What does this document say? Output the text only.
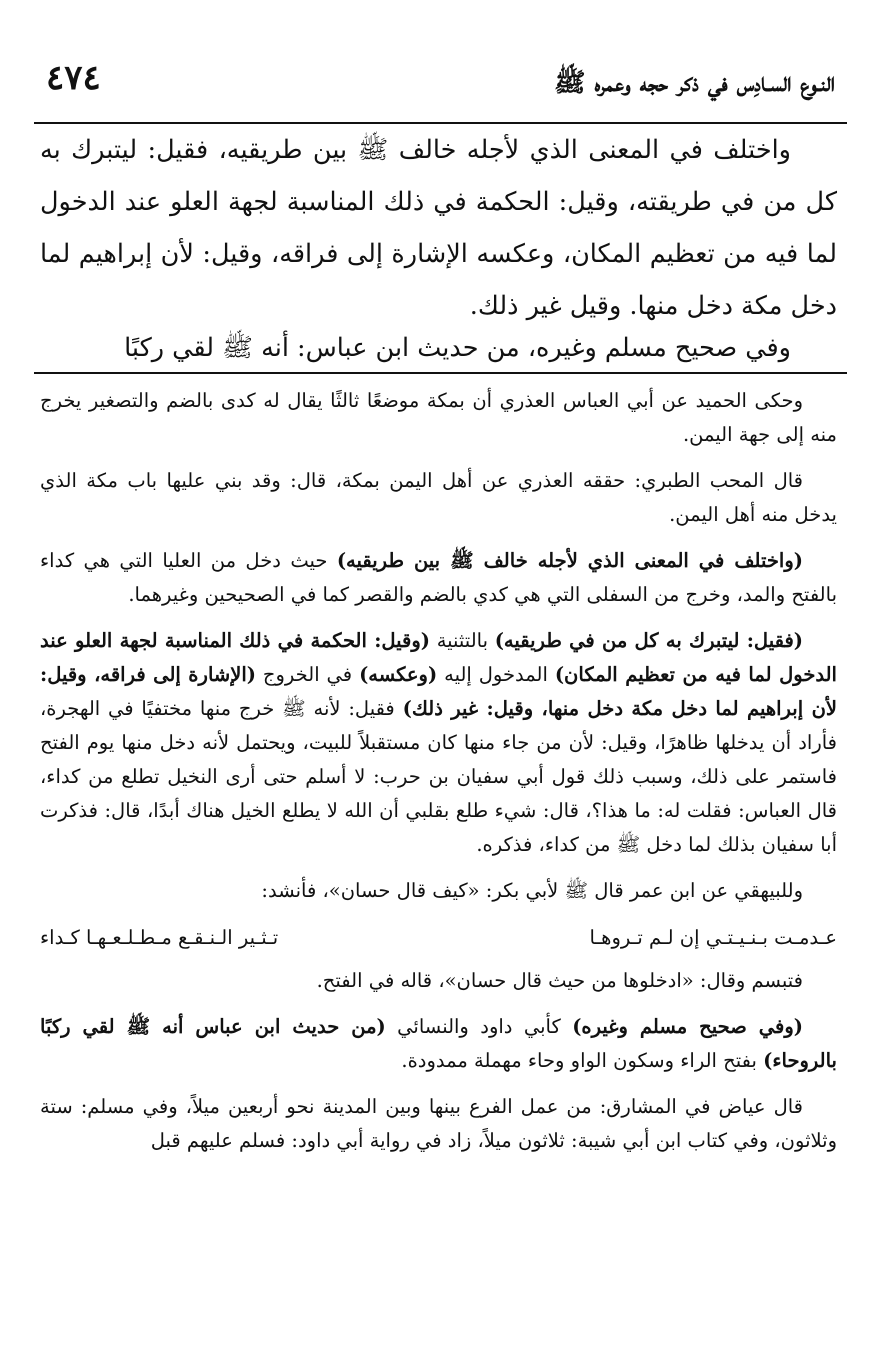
النـوع السـادِس في ذكر حجه وعمره ﷺ
٤٧٤

واختلف في المعنى الذي لأجله خالف ﷺ بين طريقيه، فقيل: ليتبرك به كل من في طريقته، وقيل: الحكمة في ذلك المناسبة لجهة العلو عند الدخول لما فيه من تعظيم المكان، وعكسه الإشارة إلى فراقه، وقيل: لأن إبراهيم لما دخل مكة دخل منها. وقيل غير ذلك.

وفي صحيح مسلم وغيره، من حديث ابن عباس: أنه ﷺ لقي ركبًا

وحكى الحميد عن أبي العباس العذري أن بمكة موضعًا ثالثًا يقال له كدى بالضم والتصغير يخرج منه إلى جهة اليمن.

قال المحب الطبري: حققه العذري عن أهل اليمن بمكة، قال: وقد بني عليها باب مكة الذي يدخل منه أهل اليمن.

(واختلف في المعنى الذي لأجله خالف ﷺ بين طريقيه) حيث دخل من العليا التي هي كداء بالفتح والمد، وخرج من السفلى التي هي كدي بالضم والقصر كما في الصحيحين وغيرهما.

(فقيل: ليتبرك به كل من في طريقيه) بالتثنية (وقيل: الحكمة في ذلك المناسبة لجهة العلو عند الدخول لما فيه من تعظيم المكان) المدخول إليه (وعكسه) في الخروج (الإشارة إلى فراقه، وقيل: لأن إبراهيم لما دخل مكة دخل منها، وقيل: غير ذلك) فقيل: لأنه ﷺ خرج منها مختفيًا في الهجرة، فأراد أن يدخلها ظاهرًا، وقيل: لأن من جاء منها كان مستقبلاً للبيت، ويحتمل لأنه دخل منها يوم الفتح فاستمر على ذلك، وسبب ذلك قول أبي سفيان بن حرب: لا أسلم حتى أرى النخيل تطلع من كداء، قال العباس: فقلت له: ما هذا؟، قال: شيء طلع بقلبي أن الله لا يطلع الخيل هناك أبدًا، قال: فذكرت أبا سفيان بذلك لما دخل ﷺ من كداء، فذكره.

وللبيهقي عن ابن عمر قال ﷺ لأبي بكر: «كيف قال حسان»، فأنشد:

عـدمـت بـنـيـتـي إن لـم تـروهـا
تـثـير الـنـقـع مـطـلـعـهـا كـداء

فتبسم وقال: «ادخلوها من حيث قال حسان»، قاله في الفتح.

(وفي صحيح مسلم وغيره) كأبي داود والنسائي (من حديث ابن عباس أنه ﷺ لقي ركبًا بالروحاء) بفتح الراء وسكون الواو وحاء مهملة ممدودة.

قال عياض في المشارق: من عمل الفرع بينها وبين المدينة نحو أربعين ميلاً، وفي مسلم: ستة وثلاثون، وفي كتاب ابن أبي شيبة: ثلاثون ميلاً، زاد في رواية أبي داود: فسلم عليهم قبل
